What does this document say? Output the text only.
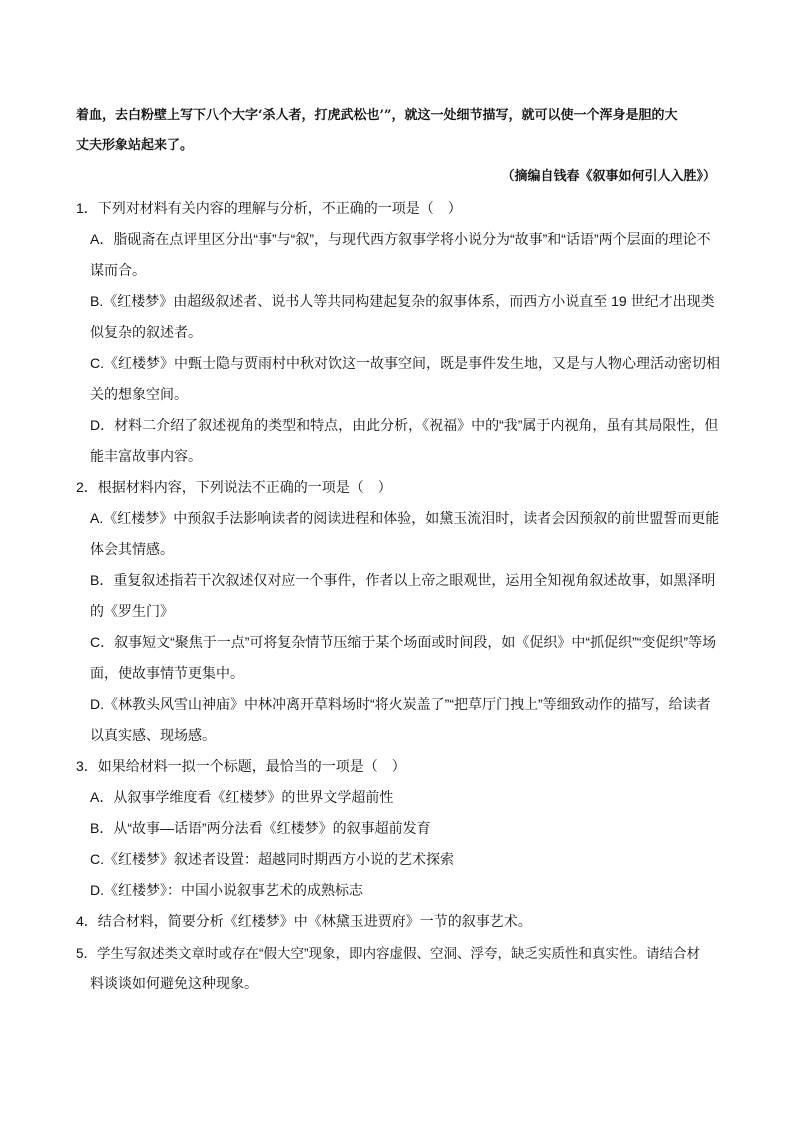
着血，去白粉壁上写下八个大字‘杀人者，打虎武松也’”，就这一处细节描写，就可以使一个浑身是胆的大
丈夫形象站起来了。
（摘编自钱春《叙事如何引人入胜》）
1．下列对材料有关内容的理解与分析，不正确的一项是（　）
A．脂砚斋在点评里区分出“事”与“叙”，与现代西方叙事学将小说分为“故事”和“话语”两个层面的理论不
谋而合。
B.《红楼梦》由超级叙述者、说书人等共同构建起复杂的叙事体系，而西方小说直至 19 世纪才出现类
似复杂的叙述者。
C.《红楼梦》中甄士隐与贾雨村中秋对饮这一故事空间，既是事件发生地，又是与人物心理活动密切相
关的想象空间。
D．材料二介绍了叙述视角的类型和特点，由此分析，《祝福》中的“我”属于内视角，虽有其局限性，但
能丰富故事内容。
2．根据材料内容，下列说法不正确的一项是（　）
A.《红楼梦》中预叙手法影响读者的阅读进程和体验，如黛玉流泪时，读者会因预叙的前世盟誓而更能
体会其情感。
B．重复叙述指若干次叙述仅对应一个事件，作者以上帝之眼观世，运用全知视角叙述故事，如黑泽明
的《罗生门》
C．叙事短文“聚焦于一点”可将复杂情节压缩于某个场面或时间段，如《促织》中“抓促织”“变促织”等场
面，使故事情节更集中。
D.《林教头风雪山神庙》中林冲离开草料场时“将火炭盖了”“把草厅门拽上”等细致动作的描写，给读者
以真实感、现场感。
3．如果给材料一拟一个标题，最恰当的一项是（　）
A．从叙事学维度看《红楼梦》的世界文学超前性
B．从“故事—话语”两分法看《红楼梦》的叙事超前发育
C.《红楼梦》叙述者设置：超越同时期西方小说的艺术探索
D.《红楼梦》：中国小说叙事艺术的成熟标志
4．结合材料，简要分析《红楼梦》中《林黛玉进贾府》一节的叙事艺术。
5．学生写叙述类文章时或存在“假大空”现象，即内容虚假、空洞、浮夸，缺乏实质性和真实性。请结合材
料谈谈如何避免这种现象。
